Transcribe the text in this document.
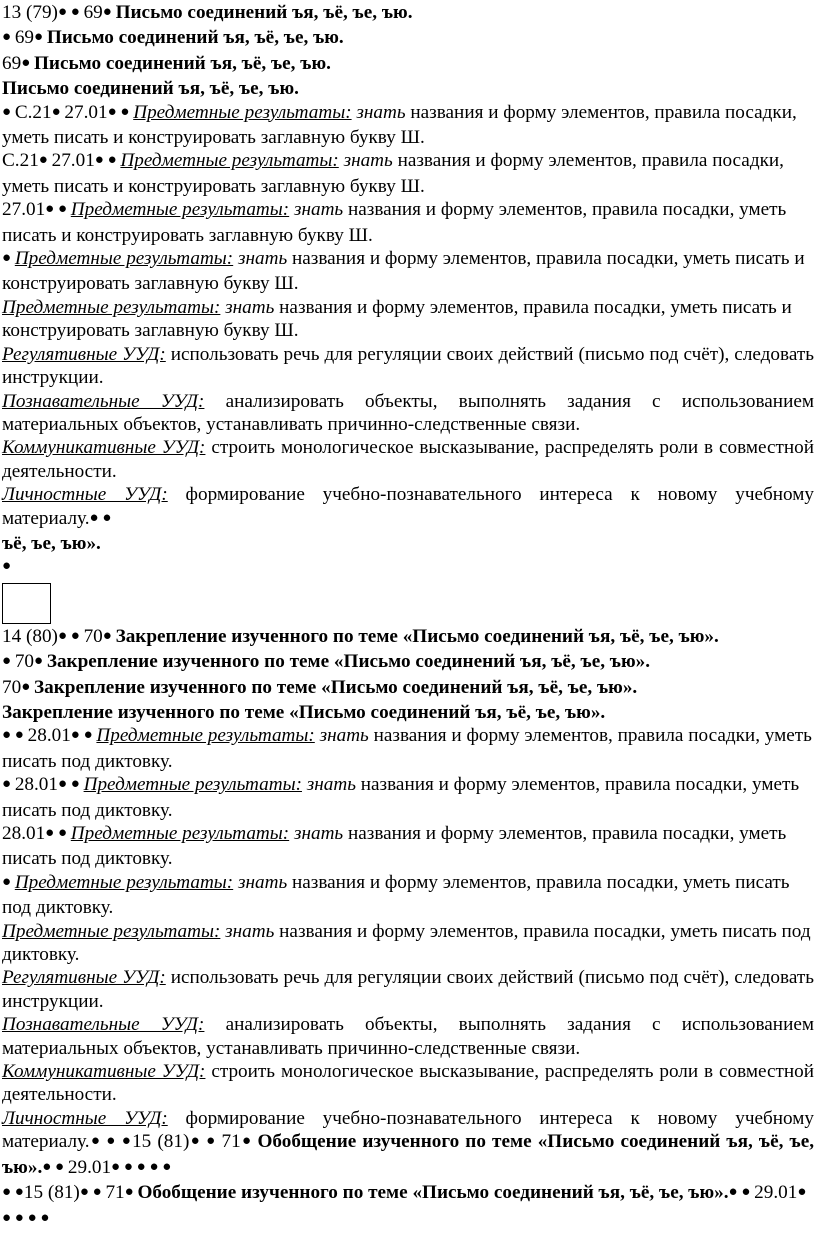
13 (79)● ● 69● Письмо соединений ъя, ъё, ъе, ъю.

● 69● Письмо соединений ъя, ъё, ъе, ъю.

69● Письмо соединений ъя, ъё, ъе, ъю.

Письмо соединений ъя, ъё, ъе, ъю.

● С.21● 27.01● ● Предметные результаты: знать названия и форму элементов, правила посадки, уметь писать и конструировать заглавную букву Ш.

С.21● 27.01● ● Предметные результаты: знать названия и форму элементов, правила посадки, уметь писать и конструировать заглавную букву Ш.

27.01● ● Предметные результаты: знать названия и форму элементов, правила посадки, уметь писать и конструировать заглавную букву Ш.

● Предметные результаты: знать названия и форму элементов, правила посадки, уметь писать и конструировать заглавную букву Ш.

Предметные результаты: знать названия и форму элементов, правила посадки, уметь писать и конструировать заглавную букву Ш.

Регулятивные УУД: использовать речь для регуляции своих действий (письмо под счёт), следовать инструкции.

Познавательные УУД: анализировать объекты, выполнять задания с использованием материальных объектов, устанавливать причинно-следственные связи.

Коммуникативные УУД: строить монологическое высказывание, распределять роли в совместной деятельности.

Личностные УУД: формирование учебно-познавательного интереса к новому учебному материалу.● ●

ъё, ъе, ъю».

●

14 (80)● ● 70● Закрепление изученного по теме «Письмо соединений ъя, ъё, ъе, ъю».

● 70● Закрепление изученного по теме «Письмо соединений ъя, ъё, ъе, ъю».

70● Закрепление изученного по теме «Письмо соединений ъя, ъё, ъе, ъю».

Закрепление изученного по теме «Письмо соединений ъя, ъё, ъе, ъю».

● ● 28.01● ● Предметные результаты: знать названия и форму элементов, правила посадки, уметь писать под диктовку.

● 28.01● ● Предметные результаты: знать названия и форму элементов, правила посадки, уметь писать под диктовку.

28.01● ● Предметные результаты: знать названия и форму элементов, правила посадки, уметь писать под диктовку.

● Предметные результаты: знать названия и форму элементов, правила посадки, уметь писать под диктовку.

Предметные результаты: знать названия и форму элементов, правила посадки, уметь писать под диктовку.

Регулятивные УУД: использовать речь для регуляции своих действий (письмо под счёт), следовать инструкции.

Познавательные УУД: анализировать объекты, выполнять задания с использованием материальных объектов, устанавливать причинно-следственные связи.

Коммуникативные УУД: строить монологическое высказывание, распределять роли в совместной деятельности.

Личностные УУД: формирование учебно-познавательного интереса к новому учебному материалу.● ● ●15 (81)● ● 71● Обобщение изученного по теме «Письмо соединений ъя, ъё, ъе, ъю».● ● 29.01● ● ● ● ●

● ●15 (81)● ● 71● Обобщение изученного по теме «Письмо соединений ъя, ъё, ъе, ъю».● ● 29.01● ● ● ● ●
